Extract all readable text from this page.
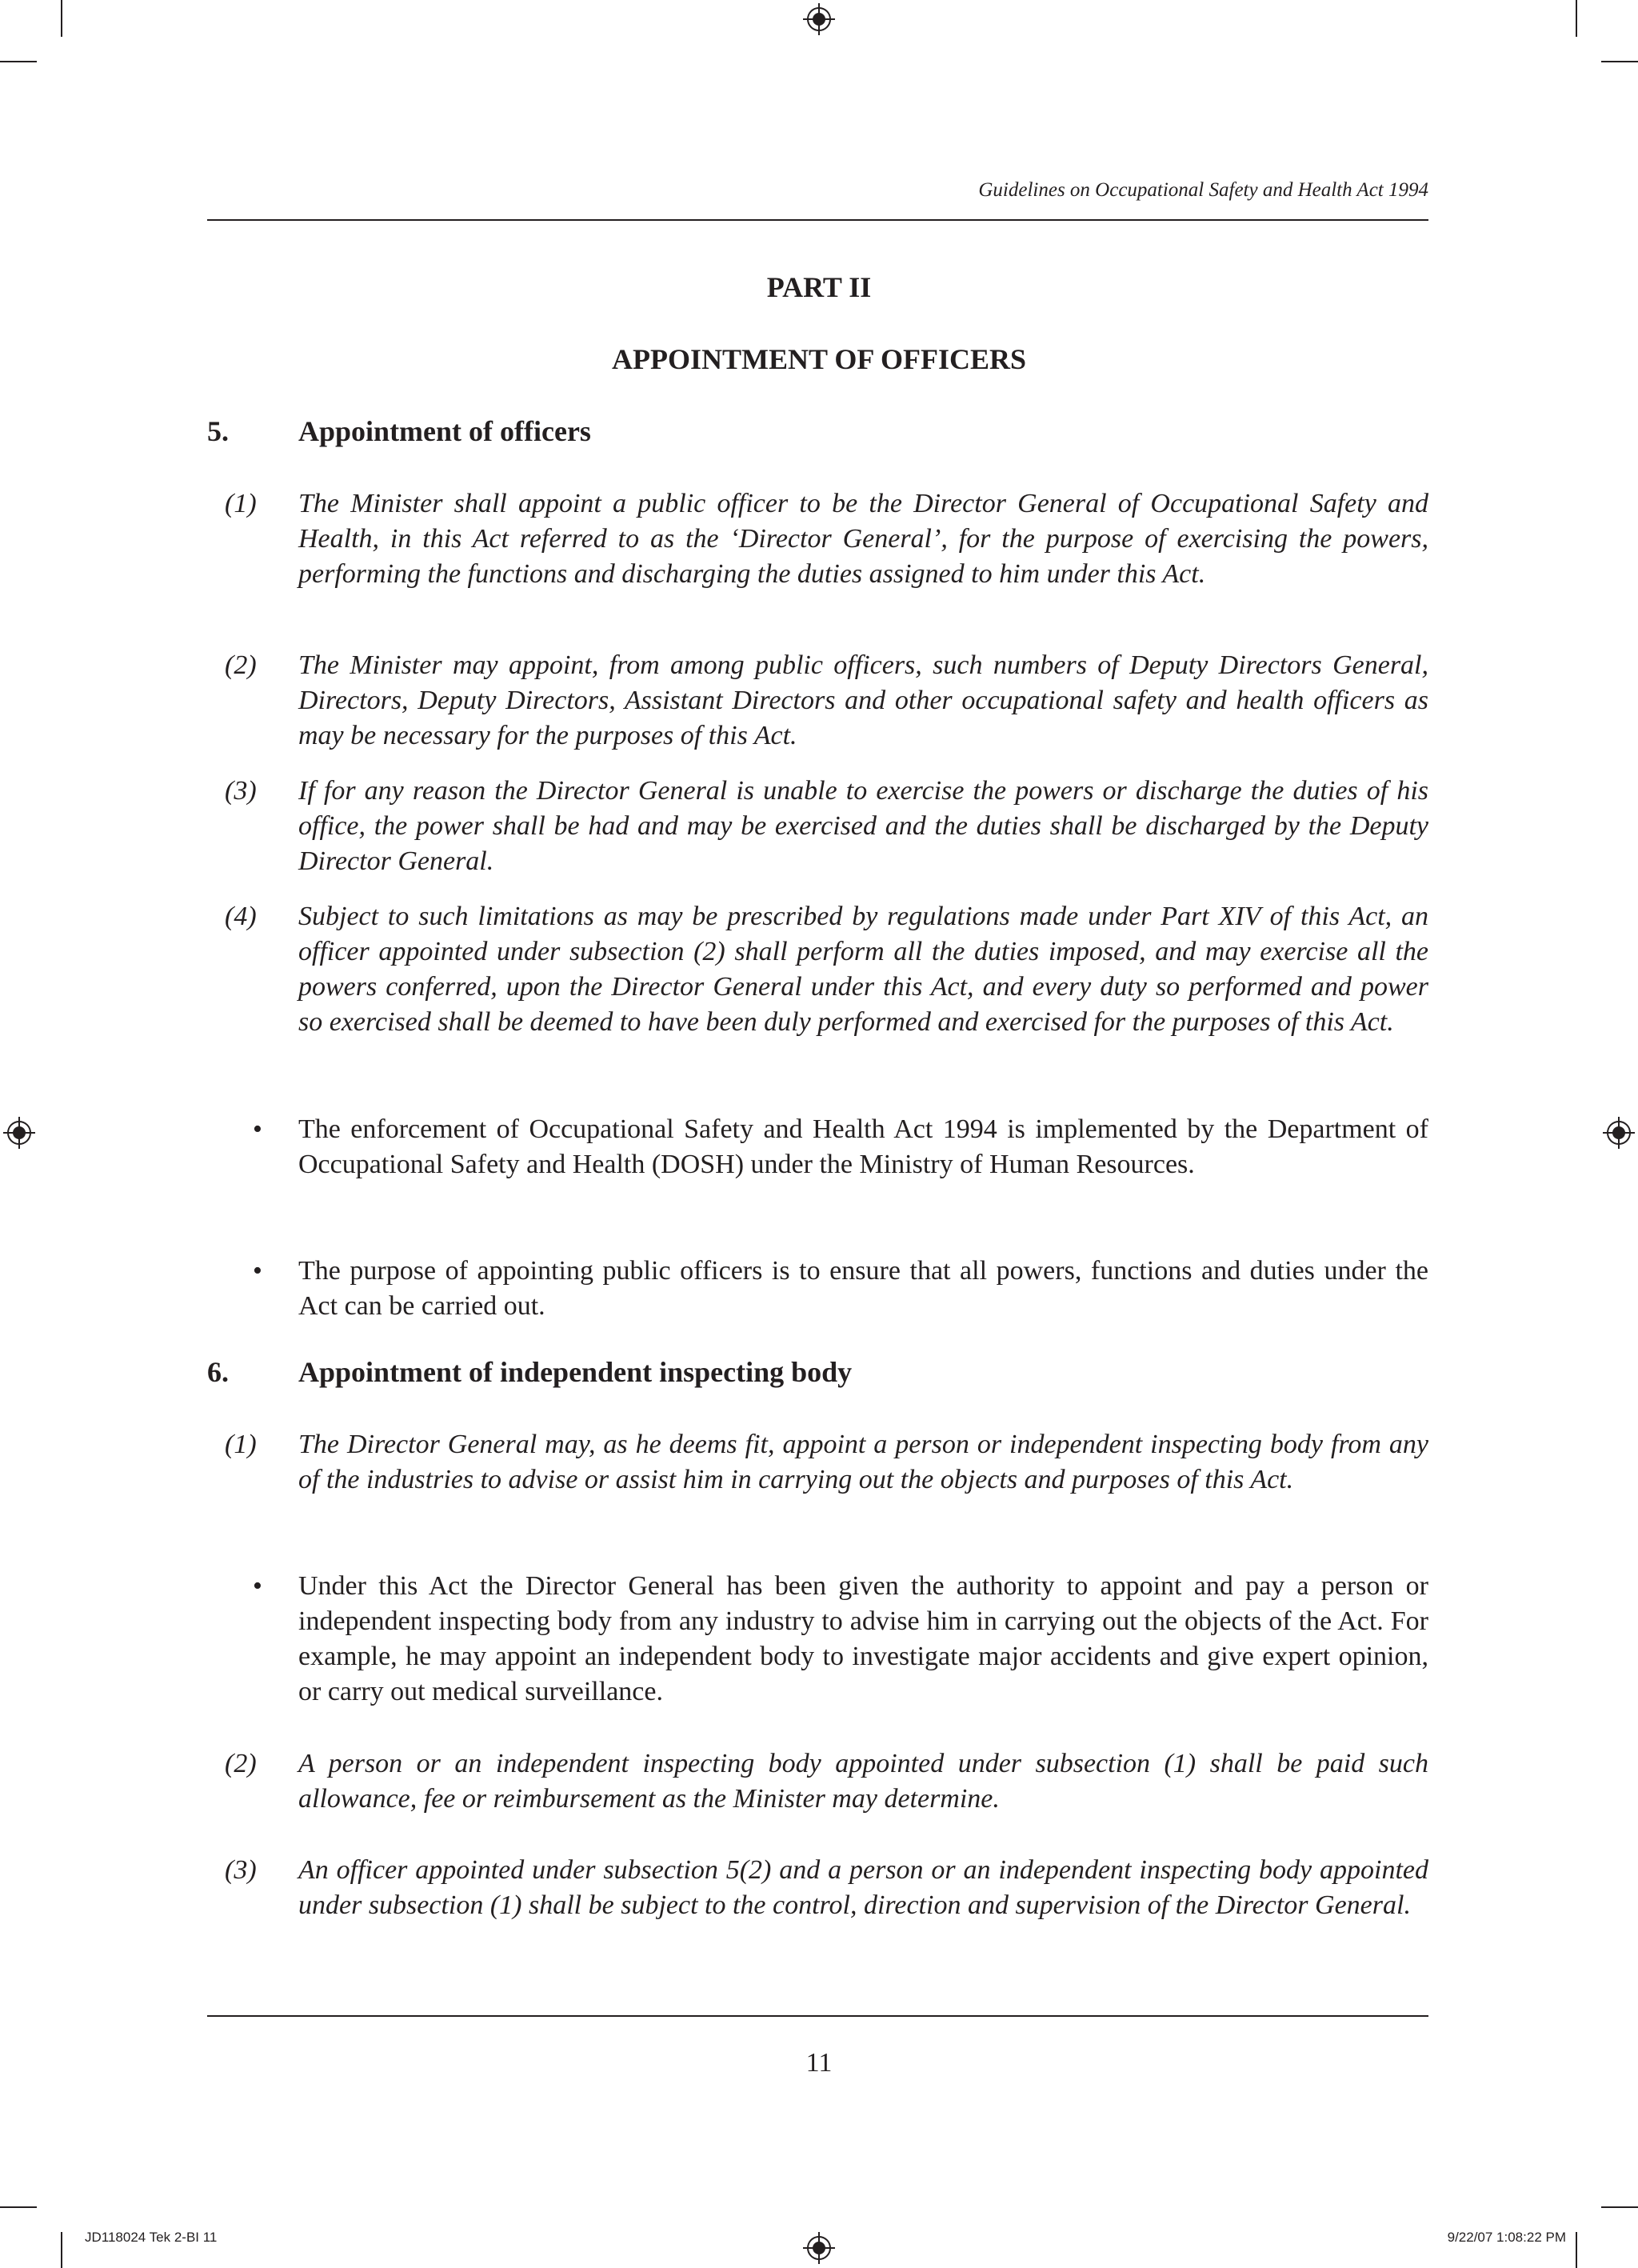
Guidelines on Occupational Safety and Health Act 1994
PART II
APPOINTMENT OF OFFICERS
5. Appointment of officers
(1)	The Minister shall appoint a public officer to be the Director General of Occupational Safety and Health, in this Act referred to as the ‘Director General’, for the purpose of exercising the powers, performing the functions and discharging the duties assigned to him under this Act.
(2)	The Minister may appoint, from among public officers, such numbers of Deputy Directors General, Directors, Deputy Directors, Assistant Directors and other occupational safety and health officers as may be necessary for the purposes of this Act.
(3)	If for any reason the Director General is unable to exercise the powers or discharge the duties of his office, the power shall be had and may be exercised and the duties shall be discharged by the Deputy Director General.
(4)	Subject to such limitations as may be prescribed by regulations made under Part XIV of this Act, an officer appointed under subsection (2) shall perform all the duties imposed, and may exercise all the powers conferred, upon the Director General under this Act, and every duty so performed and power so exercised shall be deemed to have been duly performed and exercised for the purposes of this Act.
• The enforcement of Occupational Safety and Health Act 1994 is implemented by the Department of Occupational Safety and Health (DOSH) under the Ministry of Human Resources.
• The purpose of appointing public officers is to ensure that all powers, functions and duties under the Act can be carried out.
6. Appointment of independent inspecting body
(1)	The Director General may, as he deems fit, appoint a person or independent inspecting body from any of the industries to advise or assist him in carrying out the objects and purposes of this Act.
• Under this Act the Director General has been given the authority to appoint and pay a person or independent inspecting body from any industry to advise him in carrying out the objects of the Act. For example, he may appoint an independent body to investigate major accidents and give expert opinion, or carry out medical surveillance.
(2)	A person or an independent inspecting body appointed under subsection (1) shall be paid such allowance, fee or reimbursement as the Minister may determine.
(3)	An officer appointed under subsection 5(2) and a person or an independent inspecting body appointed under subsection (1) shall be subject to the control, direction and supervision of the Director General.
11
JD118024 Tek 2-BI 11	9/22/07 1:08:22 PM
